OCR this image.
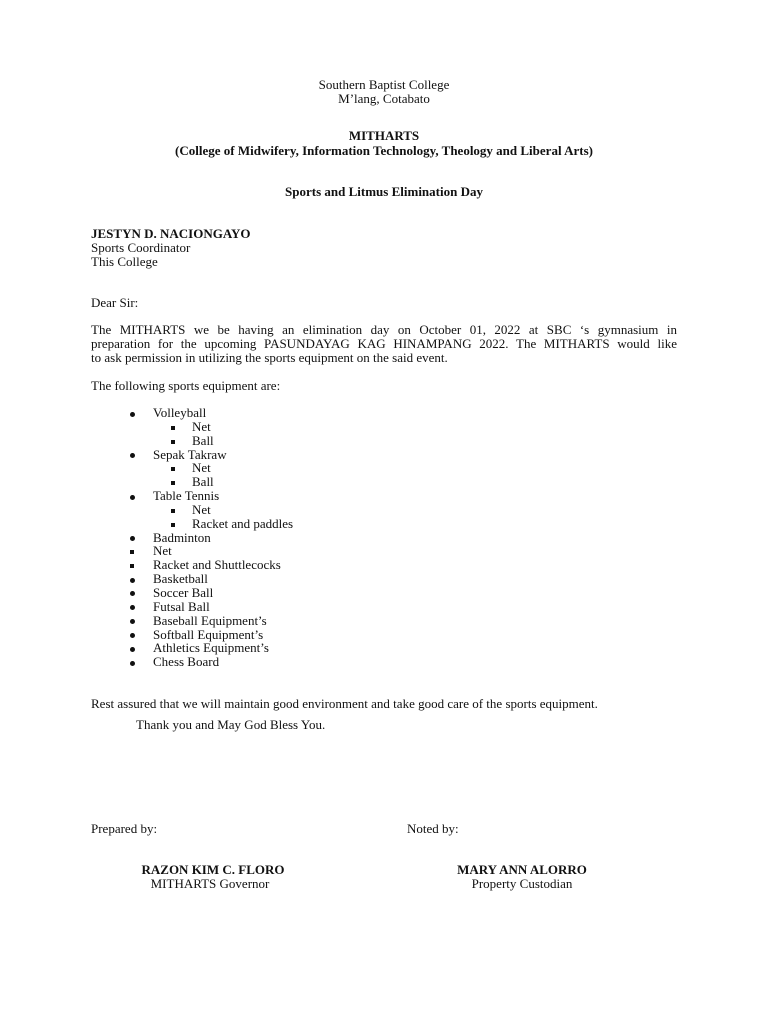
Southern Baptist College
M’lang, Cotabato
MITHARTS
(College of Midwifery, Information Technology, Theology and Liberal Arts)
Sports and Litmus Elimination Day
JESTYN D. NACIONGAYO
Sports Coordinator
This College
Dear Sir:
The MITHARTS we be having an elimination day on October 01, 2022 at SBC ‘s gymnasium in
preparation for the upcoming PASUNDAYAG KAG HINAMPANG 2022. The MITHARTS would like
to ask permission in utilizing the sports equipment on the said event.
The following sports equipment are:
Volleyball
Net
Ball
Sepak Takraw
Net
Ball
Table Tennis
Net
Racket and paddles
Badminton
Net
Racket and Shuttlecocks
Basketball
Soccer Ball
Futsal Ball
Baseball Equipment’s
Softball Equipment’s
Athletics Equipment’s
Chess Board
Rest assured that we will maintain good environment and take good care of the sports equipment.
Thank you and May God Bless You.
Prepared by:	Noted by:
RAZON KIM C. FLORO
MITHARTS Governor
MARY ANN ALORRO
Property Custodian
